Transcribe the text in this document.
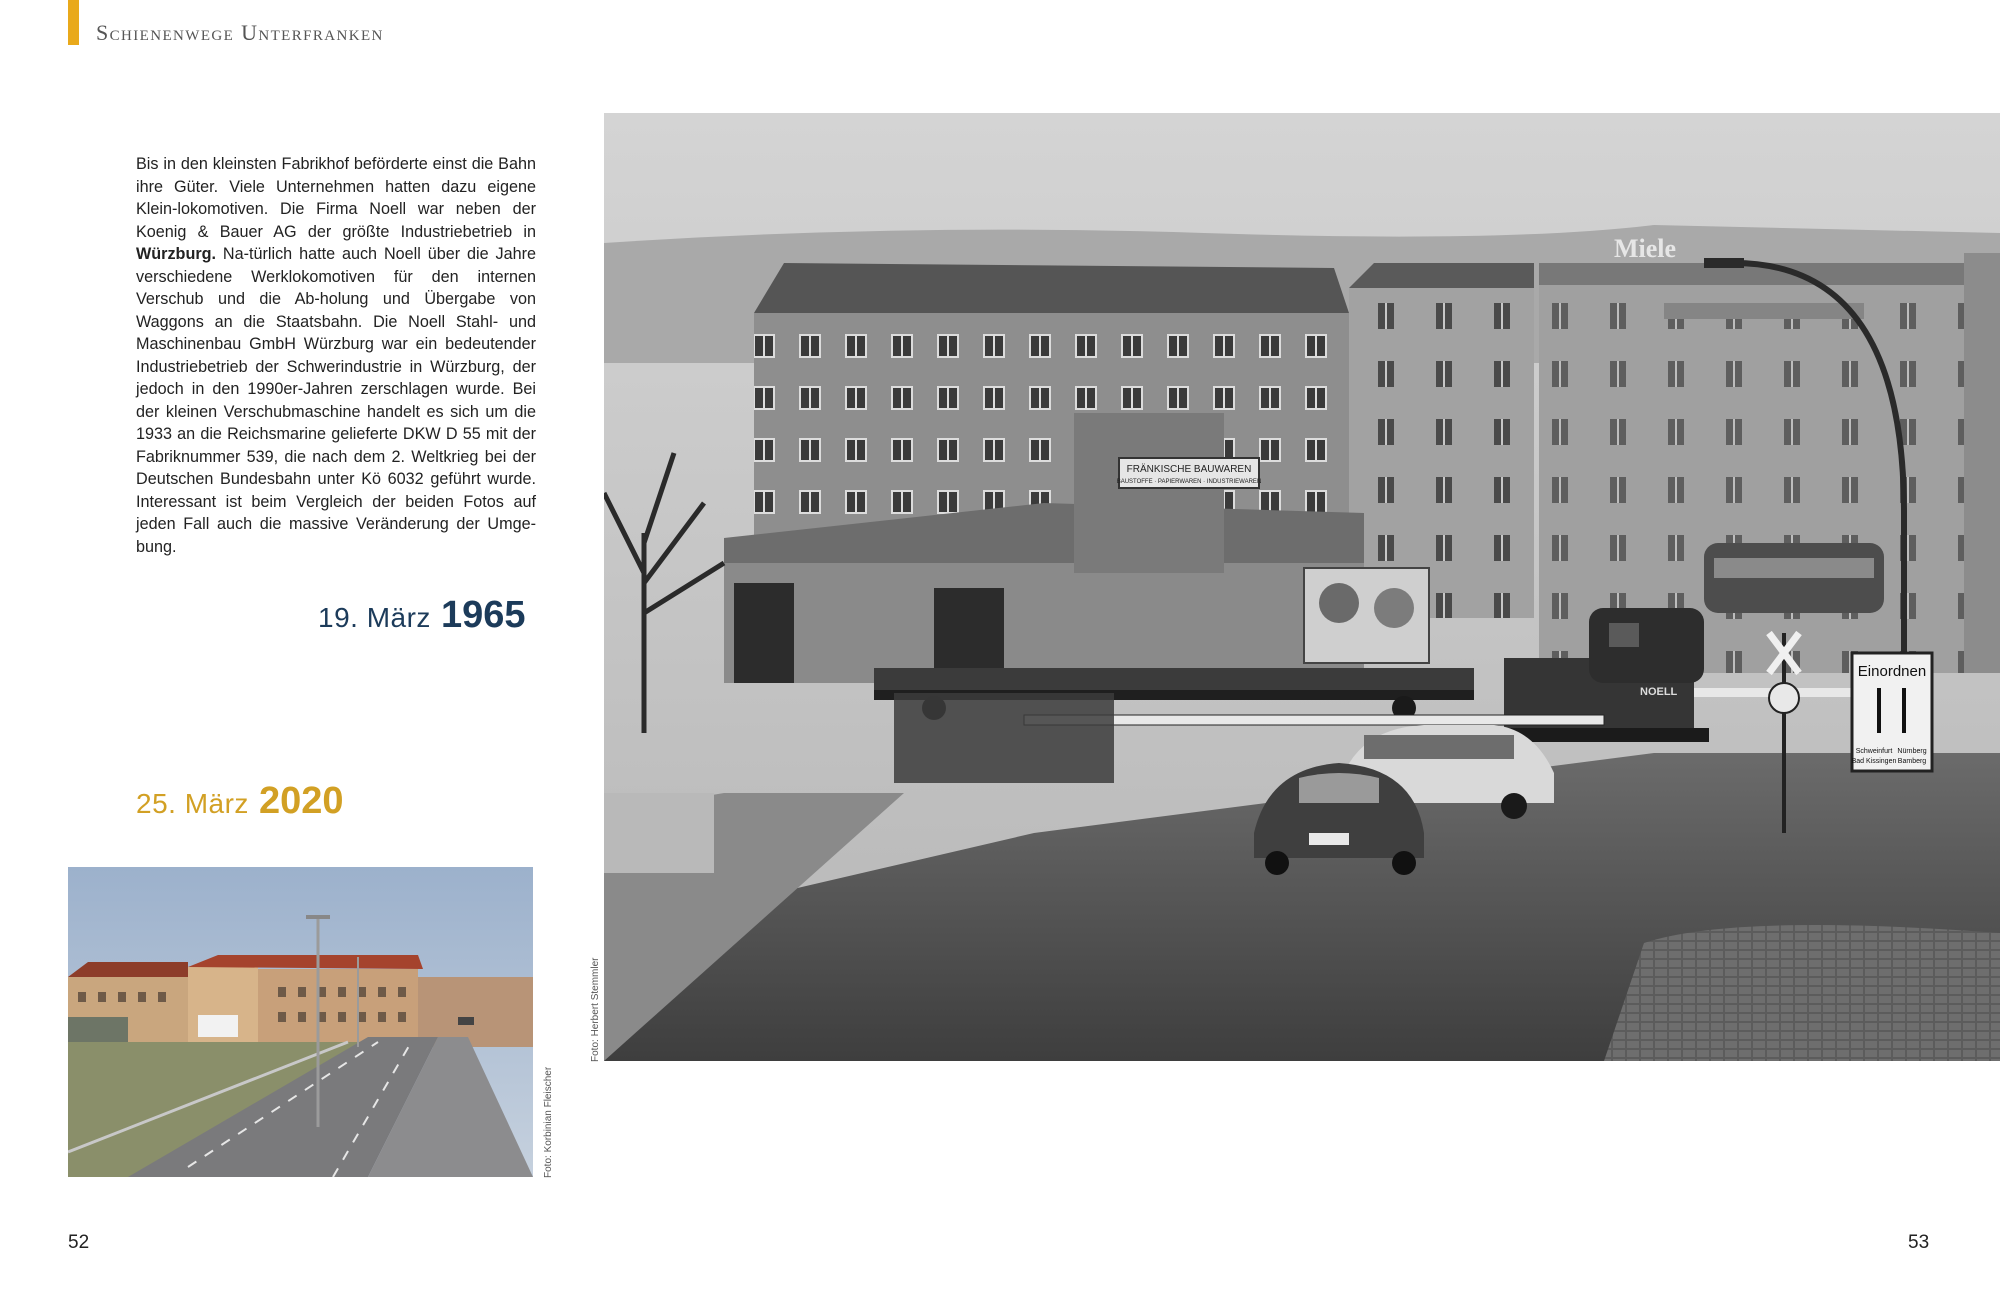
Schienenwege Unterfranken

Bis in den kleinsten Fabrikhof beförderte einst die Bahn ihre Güter. Viele Unternehmen hatten dazu eigene Klein-lokomotiven. Die Firma Noell war neben der Koenig & Bauer AG der größte Industriebetrieb in Würzburg. Na-türlich hatte auch Noell über die Jahre verschiedene Werklokomotiven für den internen Verschub und die Ab-holung und Übergabe von Waggons an die Staatsbahn. Die Noell Stahl- und Maschinenbau GmbH Würzburg war ein bedeutender Industriebetrieb der Schwerindustrie in Würzburg, der jedoch in den 1990er-Jahren zerschlagen wurde. Bei der kleinen Verschubmaschine handelt es sich um die 1933 an die Reichsmarine gelieferte DKW D 55 mit der Fabriknummer 539, die nach dem 2. Weltkrieg bei der Deutschen Bundesbahn unter Kö 6032 geführt wurde. Interessant ist beim Vergleich der beiden Fotos auf jeden Fall auch die massive Veränderung der Umge-bung.

19. März 1965
25. März 2020
FRÄNKISCHE BAUWAREN
BAUSTOFFE · PAPIERWAREN · INDUSTRIEWAREN
NOELL
Einordnen
Schweinfurt
Bad Kissingen
Nürnberg
Bamberg
Miele
Foto: Herbert Stemmler
Foto: Korbinian Fleischer
52	53
